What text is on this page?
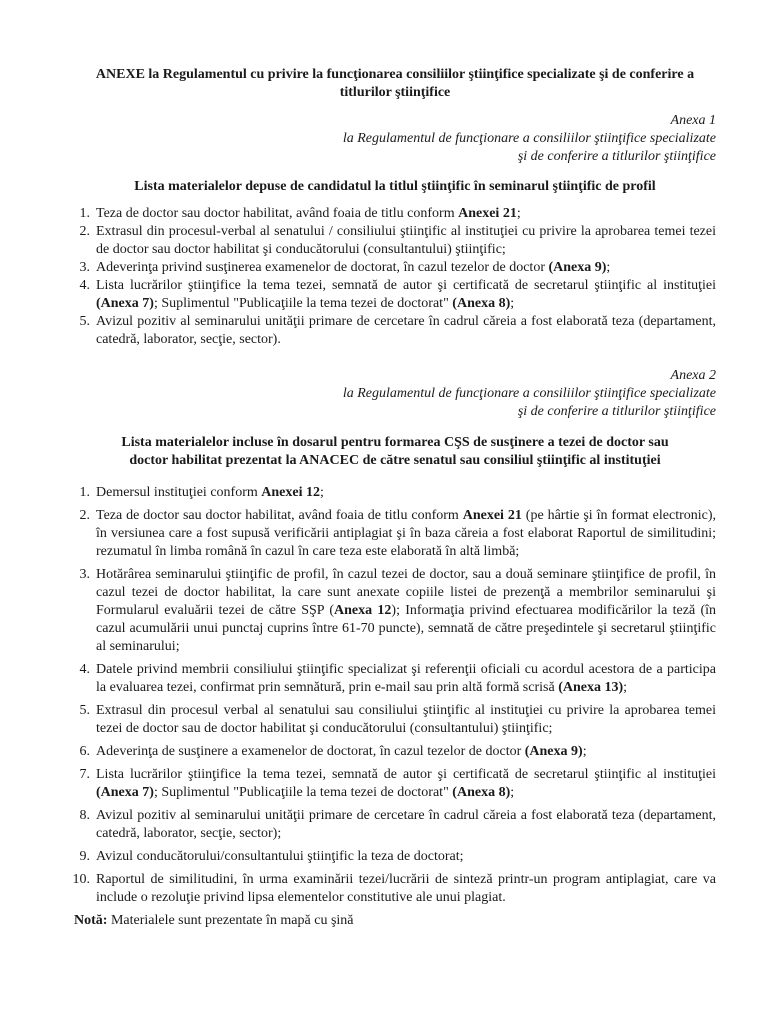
ANEXE la Regulamentul cu privire la funcţionarea consiliilor ştiinţifice specializate şi de conferire a titlurilor ştiinţifice

Anexa 1

la Regulamentul de funcţionare a consiliilor ştiinţifice specializate

şi de conferire a titlurilor ştiinţifice

Lista materialelor depuse de candidatul la titlul ştiinţific în seminarul ştiinţific de profil

1. Teza de doctor sau doctor habilitat, având foaia de titlu conform Anexei 21;
2. Extrasul din procesul-verbal al senatului / consiliului ştiinţific al instituţiei cu privire la aprobarea temei tezei de doctor sau doctor habilitat şi conducătorului (consultantului) ştiinţific;
3. Adeverinţa privind susţinerea examenelor de doctorat, în cazul tezelor de doctor (Anexa 9);
4. Lista lucrărilor ştiinţifice la tema tezei, semnată de autor şi certificată de secretarul ştiinţific al instituţiei (Anexa 7); Suplimentul "Publicaţiile la tema tezei de doctorat" (Anexa 8);
5. Avizul pozitiv al seminarului unităţii primare de cercetare în cadrul căreia a fost elaborată teza (departament, catedră, laborator, secţie, sector).

Anexa 2

la Regulamentul de funcţionare a consiliilor ştiinţifice specializate

şi de conferire a titlurilor ştiinţifice

Lista materialelor incluse în dosarul pentru formarea CŞS de susţinere a tezei de doctor sau

doctor habilitat prezentat la ANACEC de către senatul sau consiliul ştiinţific al instituţiei

1. Demersul instituţiei conform Anexei 12;
2. Teza de doctor sau doctor habilitat, având foaia de titlu conform Anexei 21 (pe hârtie şi în format electronic), în versiunea care a fost supusă verificării antiplagiat şi în baza căreia a fost elaborat Raportul de similitudini; rezumatul în limba română în cazul în care teza este elaborată în altă limbă;
3. Hotărârea seminarului ştiinţific de profil, în cazul tezei de doctor, sau a două seminare ştiinţifice de profil, în cazul tezei de doctor habilitat, la care sunt anexate copiile listei de prezenţă a membrilor seminarului şi Formularul evaluării tezei de către SŞP (Anexa 12); Informaţia privind efectuarea modificărilor la teză (în cazul acumulării unui punctaj cuprins între 61-70 puncte), semnată de către preşedintele şi secretarul ştiinţific al seminarului;
4. Datele privind membrii consiliului ştiinţific specializat şi referenţii oficiali cu acordul acestora de a participa la evaluarea tezei, confirmat prin semnătură, prin e-mail sau prin altă formă scrisă (Anexa 13);
5. Extrasul din procesul verbal al senatului sau consiliului ştiinţific al instituţiei cu privire la aprobarea temei tezei de doctor sau de doctor habilitat şi conducătorului (consultantului) ştiinţific;
6. Adeverinţa de susţinere a examenelor de doctorat, în cazul tezelor de doctor (Anexa 9);
7. Lista lucrărilor ştiinţifice la tema tezei, semnată de autor şi certificată de secretarul ştiinţific al instituţiei (Anexa 7); Suplimentul "Publicaţiile la tema tezei de doctorat" (Anexa 8);
8. Avizul pozitiv al seminarului unităţii primare de cercetare în cadrul căreia a fost elaborată teza (departament, catedră, laborator, secţie, sector);
9. Avizul conducătorului/consultantului ştiinţific la teza de doctorat;
10. Raportul de similitudini, în urma examinării tezei/lucrării de sinteză printr-un program antiplagiat, care va include o rezoluţie privind lipsa elementelor constitutive ale unui plagiat.

Notă: Materialele sunt prezentate în mapă cu şină
